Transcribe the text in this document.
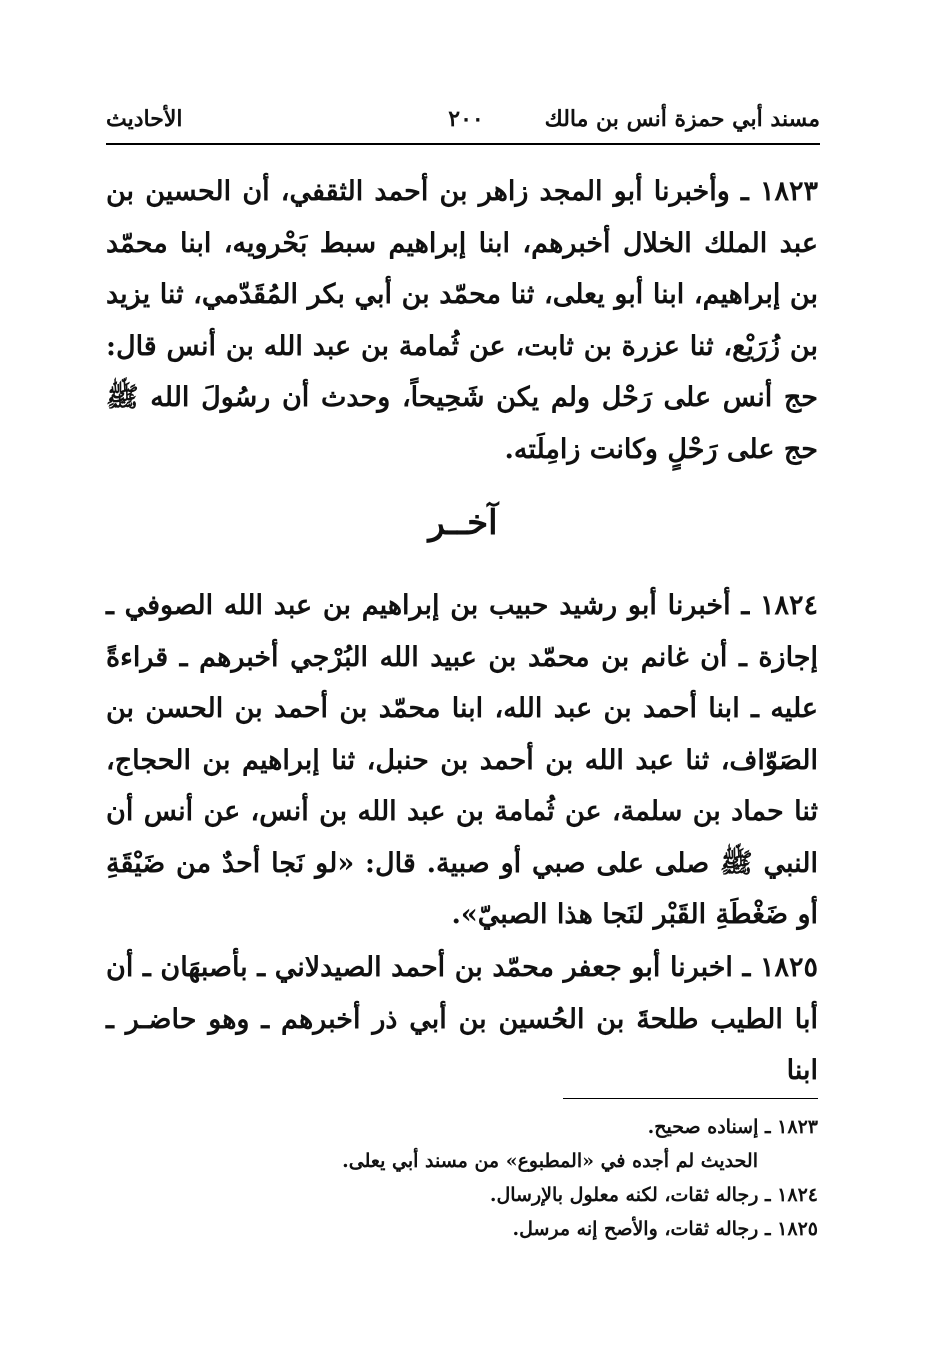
مسند أبي حمزة أنس بن مالك
٢٠٠
الأحاديث
١٨٢٣ ـ وأخبرنا أبو المجد زاهر بن أحمد الثقفي، أن الحسين بن عبد الملك الخلال أخبرهم، ابنا إبراهيم سبط بَحْرويه، ابنا محمّد بن إبراهيم، ابنا أبو يعلى، ثنا محمّد بن أبي بكر المُقَدّمي، ثنا يزيد بن زُرَيْع، ثنا عزرة بن ثابت، عن ثُمامة بن عبد الله بن أنس قال: حج أنس على رَحْل ولم يكن شَحِيحاً، وحدث أن رسُولَ الله ﷺ حج على رَحْلٍ وكانت زامِلَته.
آخــر
١٨٢٤ ـ أخبرنا أبو رشيد حبيب بن إبراهيم بن عبد الله الصوفي ـ إجازة ـ أن غانم بن محمّد بن عبيد الله البُرْجي أخبرهم ـ قراءةً عليه ـ ابنا أحمد بن عبد الله، ابنا محمّد بن أحمد بن الحسن بن الصَوّاف، ثنا عبد الله بن أحمد بن حنبل، ثنا إبراهيم بن الحجاج، ثنا حماد بن سلمة، عن ثُمامة بن عبد الله بن أنس، عن أنس أن النبي ﷺ صلى على صبي أو صبية. قال: «لو نَجا أحدٌ من ضَيْقَةِ أو ضَغْطَةِ القَبْر لنَجا هذا الصبيّ».
١٨٢٥ ـ اخبرنا أبو جعفر محمّد بن أحمد الصيدلاني ـ بأصبهَان ـ أن أبا الطيب طلحةَ بن الحُسين بن أبي ذر أخبرهم ـ وهو حاضـر ـ ابنا
١٨٢٣ ـ إسناده صحيح.
الحديث لم أجده في «المطبوع» من مسند أبي يعلى.
١٨٢٤ ـ رجاله ثقات، لكنه معلول بالإرسال.
١٨٢٥ ـ رجاله ثقات، والأصح إنه مرسل.
